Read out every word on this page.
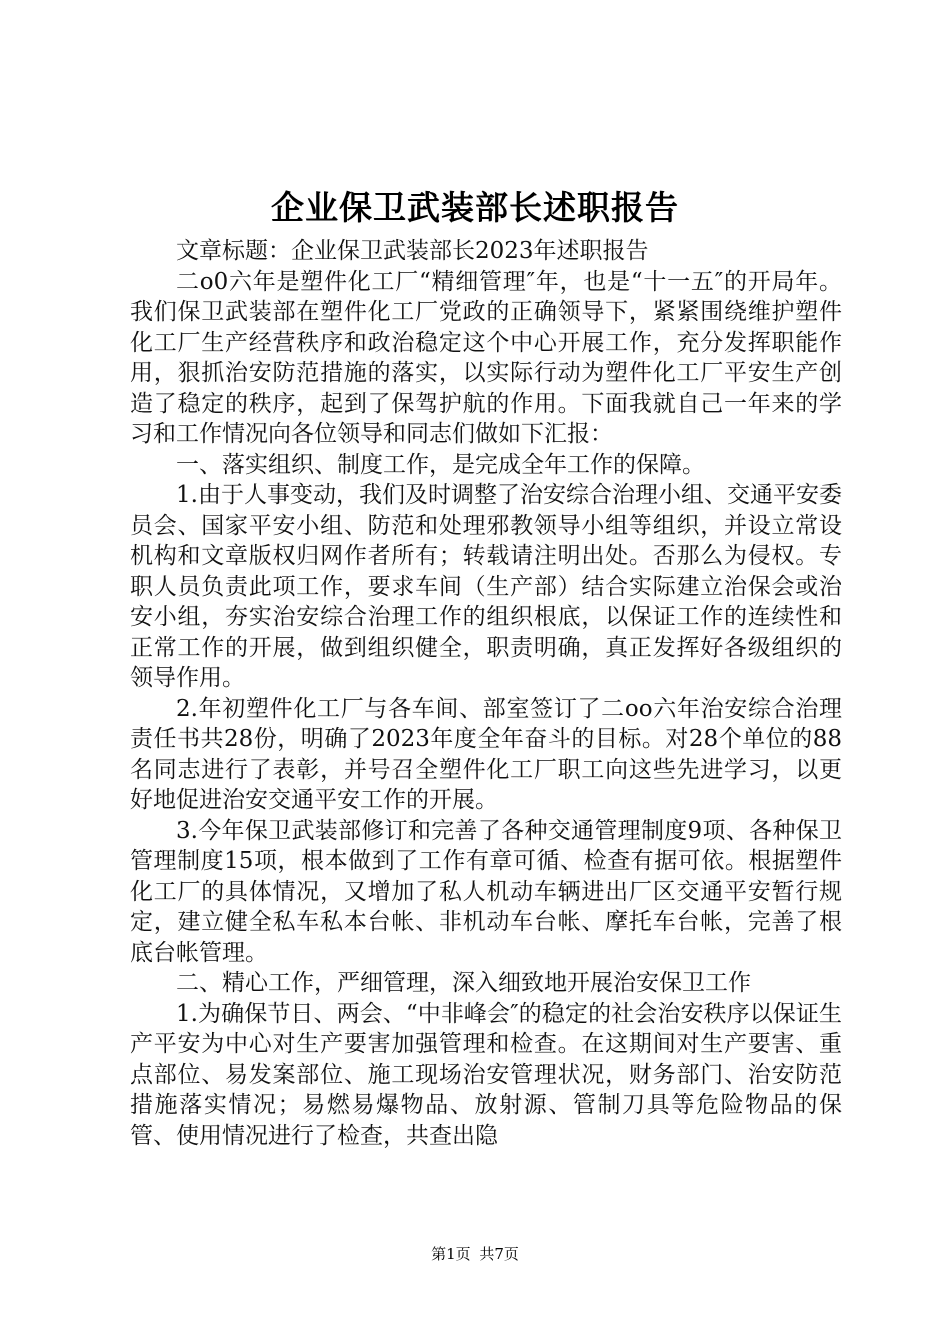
企业保卫武装部长述职报告

文章标题：企业保卫武装部长2023年述职报告

二o0六年是塑件化工厂“精细管理″年，也是“十一五″的开局年。我们保卫武装部在塑件化工厂党政的正确领导下，紧紧围绕维护塑件化工厂生产经营秩序和政治稳定这个中心开展工作，充分发挥职能作用，狠抓治安防范措施的落实，以实际行动为塑件化工厂平安生产创造了稳定的秩序，起到了保驾护航的作用。下面我就自己一年来的学习和工作情况向各位领导和同志们做如下汇报：

一、落实组织、制度工作，是完成全年工作的保障。

1.由于人事变动，我们及时调整了治安综合治理小组、交通平安委员会、国家平安小组、防范和处理邪教领导小组等组织，并设立常设机构和文章版权归网作者所有；转载请注明出处。否那么为侵权。专职人员负责此项工作，要求车间（生产部）结合实际建立治保会或治安小组，夯实治安综合治理工作的组织根底，以保证工作的连续性和正常工作的开展，做到组织健全，职责明确，真正发挥好各级组织的领导作用。

2.年初塑件化工厂与各车间、部室签订了二oo六年治安综合治理责任书共28份，明确了2023年度全年奋斗的目标。对28个单位的88名同志进行了表彰，并号召全塑件化工厂职工向这些先进学习，以更好地促进治安交通平安工作的开展。

3.今年保卫武装部修订和完善了各种交通管理制度9项、各种保卫管理制度15项，根本做到了工作有章可循、检查有据可依。根据塑件化工厂的具体情况，又增加了私人机动车辆进出厂区交通平安暂行规定，建立健全私车私本台帐、非机动车台帐、摩托车台帐，完善了根底台帐管理。

二、精心工作，严细管理，深入细致地开展治安保卫工作

1.为确保节日、两会、“中非峰会″的稳定的社会治安秩序以保证生产平安为中心对生产要害加强管理和检查。在这期间对生产要害、重点部位、易发案部位、施工现场治安管理状况，财务部门、治安防范措施落实情况；易燃易爆物品、放射源、管制刀具等危险物品的保管、使用情况进行了检查，共查出隐

第1页 共7页
